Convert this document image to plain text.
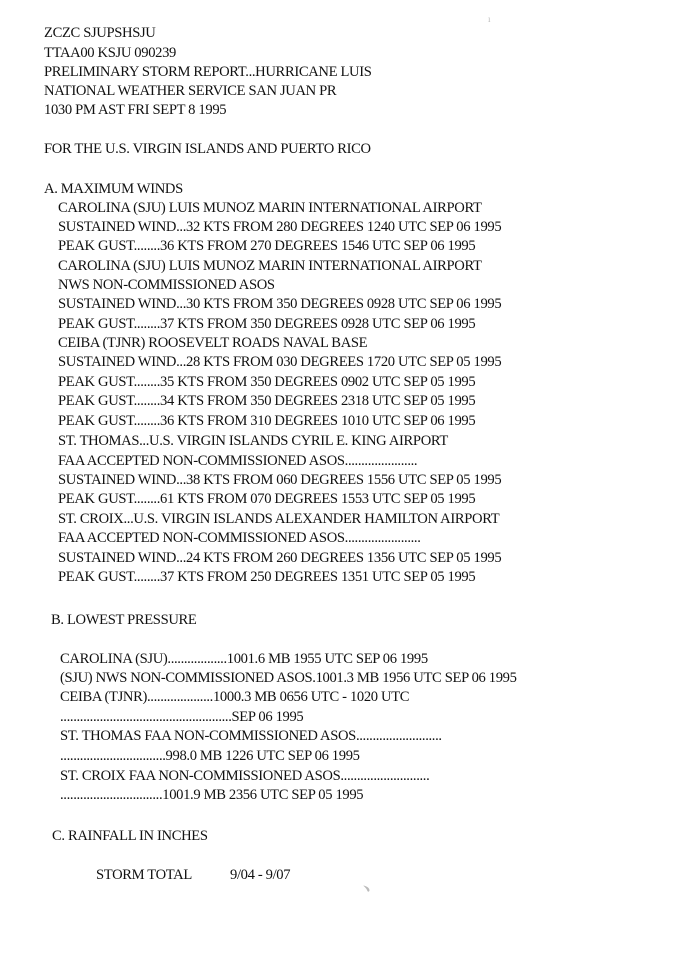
ZCZC SJUPSHSJU
TTAA00 KSJU 090239
PRELIMINARY STORM REPORT...HURRICANE LUIS
NATIONAL WEATHER SERVICE SAN JUAN PR
1030 PM AST FRI SEPT 8 1995
FOR THE U.S. VIRGIN ISLANDS AND PUERTO RICO
A. MAXIMUM WINDS
CAROLINA (SJU) LUIS MUNOZ MARIN INTERNATIONAL AIRPORT
SUSTAINED WIND...32 KTS FROM 280 DEGREES 1240 UTC SEP 06 1995
PEAK GUST........36 KTS FROM 270 DEGREES 1546 UTC SEP 06 1995
CAROLINA (SJU) LUIS MUNOZ MARIN INTERNATIONAL AIRPORT
NWS NON-COMMISSIONED ASOS
SUSTAINED WIND...30 KTS FROM 350 DEGREES 0928 UTC SEP 06 1995
PEAK GUST........37 KTS FROM 350 DEGREES 0928 UTC SEP 06 1995
CEIBA (TJNR) ROOSEVELT ROADS NAVAL BASE
SUSTAINED WIND...28 KTS FROM 030 DEGREES 1720 UTC SEP 05 1995
PEAK GUST........35 KTS FROM 350 DEGREES 0902 UTC SEP 05 1995
PEAK GUST........34 KTS FROM 350 DEGREES 2318 UTC SEP 05 1995
PEAK GUST........36 KTS FROM 310 DEGREES 1010 UTC SEP 06 1995
ST. THOMAS...U.S. VIRGIN ISLANDS CYRIL E. KING AIRPORT
FAA ACCEPTED NON-COMMISSIONED ASOS......................
SUSTAINED WIND...38 KTS FROM 060 DEGREES 1556 UTC SEP 05 1995
PEAK GUST........61 KTS FROM 070 DEGREES 1553 UTC SEP 05 1995
ST. CROIX...U.S. VIRGIN ISLANDS ALEXANDER HAMILTON AIRPORT
FAA ACCEPTED NON-COMMISSIONED ASOS.......................
SUSTAINED WIND...24 KTS FROM 260 DEGREES 1356 UTC SEP 05 1995
PEAK GUST........37 KTS FROM 250 DEGREES 1351 UTC SEP 05 1995
B. LOWEST PRESSURE
CAROLINA (SJU)..................1001.6 MB 1955 UTC SEP 06 1995
(SJU) NWS NON-COMMISSIONED ASOS.1001.3 MB 1956 UTC SEP 06 1995
CEIBA (TJNR)....................1000.3 MB 0656 UTC - 1020 UTC
....................................................SEP 06 1995
ST. THOMAS FAA NON-COMMISSIONED ASOS..........................
................................998.0 MB 1226 UTC SEP 06 1995
ST. CROIX FAA NON-COMMISSIONED ASOS...........................
...............................1001.9 MB 2356 UTC SEP 05 1995
C. RAINFALL IN INCHES
STORM TOTAL	9/04 - 9/07
ı
﹅
